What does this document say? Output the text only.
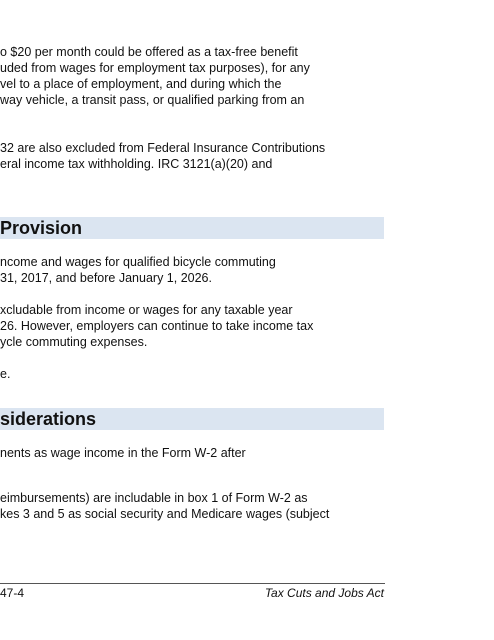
o $20 per month could be offered as a tax-free benefit
uded from wages for employment tax purposes), for any
vel to a place of employment, and during which the
way vehicle, a transit pass, or qualified parking from an
32 are also excluded from Federal Insurance Contributions
eral income tax withholding. IRC 3121(a)(20) and
Provision
ncome and wages for qualified bicycle commuting
31, 2017, and before January 1, 2026.
xcludable from income or wages for any taxable year
26. However, employers can continue to take income tax
ycle commuting expenses.
e.
siderations
nents as wage income in the Form W-2 after
eimbursements) are includable in box 1 of Form W-2 as
kes 3 and 5 as social security and Medicare wages (subject
47-4	Tax Cuts and Jobs Act
